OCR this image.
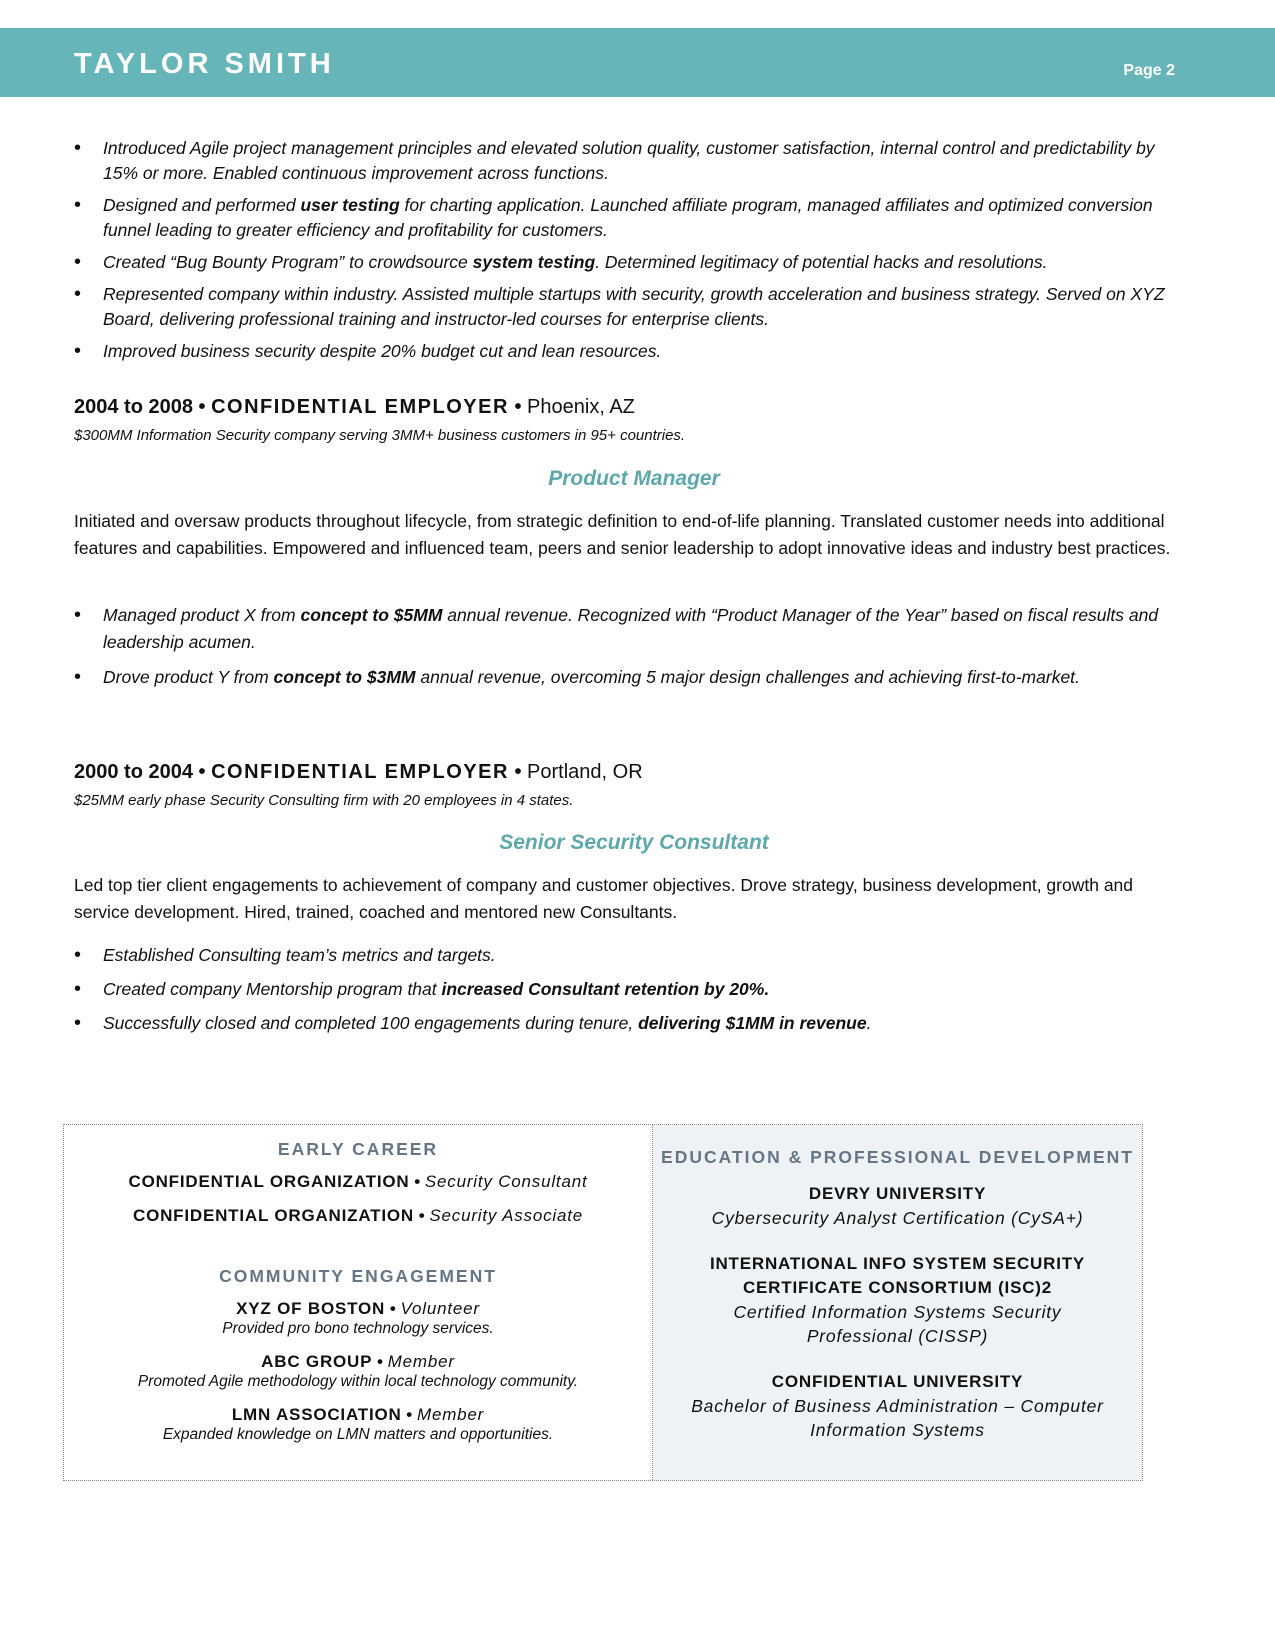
TAYLOR SMITH	Page 2
• Introduced Agile project management principles and elevated solution quality, customer satisfaction, internal control and predictability by 15% or more. Enabled continuous improvement across functions.
• Designed and performed user testing for charting application. Launched affiliate program, managed affiliates and optimized conversion funnel leading to greater efficiency and profitability for customers.
• Created “Bug Bounty Program” to crowdsource system testing. Determined legitimacy of potential hacks and resolutions.
• Represented company within industry. Assisted multiple startups with security, growth acceleration and business strategy. Served on XYZ Board, delivering professional training and instructor-led courses for enterprise clients.
• Improved business security despite 20% budget cut and lean resources.
2004 to 2008 • CONFIDENTIAL EMPLOYER • Phoenix, AZ
$300MM Information Security company serving 3MM+ business customers in 95+ countries.
Product Manager
Initiated and oversaw products throughout lifecycle, from strategic definition to end-of-life planning. Translated customer needs into additional features and capabilities. Empowered and influenced team, peers and senior leadership to adopt innovative ideas and industry best practices.
• Managed product X from concept to $5MM annual revenue. Recognized with “Product Manager of the Year” based on fiscal results and leadership acumen.
• Drove product Y from concept to $3MM annual revenue, overcoming 5 major design challenges and achieving first-to-market.
2000 to 2004 • CONFIDENTIAL EMPLOYER • Portland, OR
$25MM early phase Security Consulting firm with 20 employees in 4 states.
Senior Security Consultant
Led top tier client engagements to achievement of company and customer objectives. Drove strategy, business development, growth and service development. Hired, trained, coached and mentored new Consultants.
• Established Consulting team’s metrics and targets.
• Created company Mentorship program that increased Consultant retention by 20%.
• Successfully closed and completed 100 engagements during tenure, delivering $1MM in revenue.
EARLY CAREER
CONFIDENTIAL ORGANIZATION • Security Consultant
CONFIDENTIAL ORGANIZATION • Security Associate
COMMUNITY ENGAGEMENT
XYZ OF BOSTON • Volunteer
Provided pro bono technology services.
ABC GROUP • Member
Promoted Agile methodology within local technology community.
LMN ASSOCIATION • Member
Expanded knowledge on LMN matters and opportunities.
EDUCATION & PROFESSIONAL DEVELOPMENT
DEVRY UNIVERSITY
Cybersecurity Analyst Certification (CySA+)
INTERNATIONAL INFO SYSTEM SECURITY
CERTIFICATE CONSORTIUM (ISC)2
Certified Information Systems Security
Professional (CISSP)
CONFIDENTIAL UNIVERSITY
Bachelor of Business Administration – Computer
Information Systems
